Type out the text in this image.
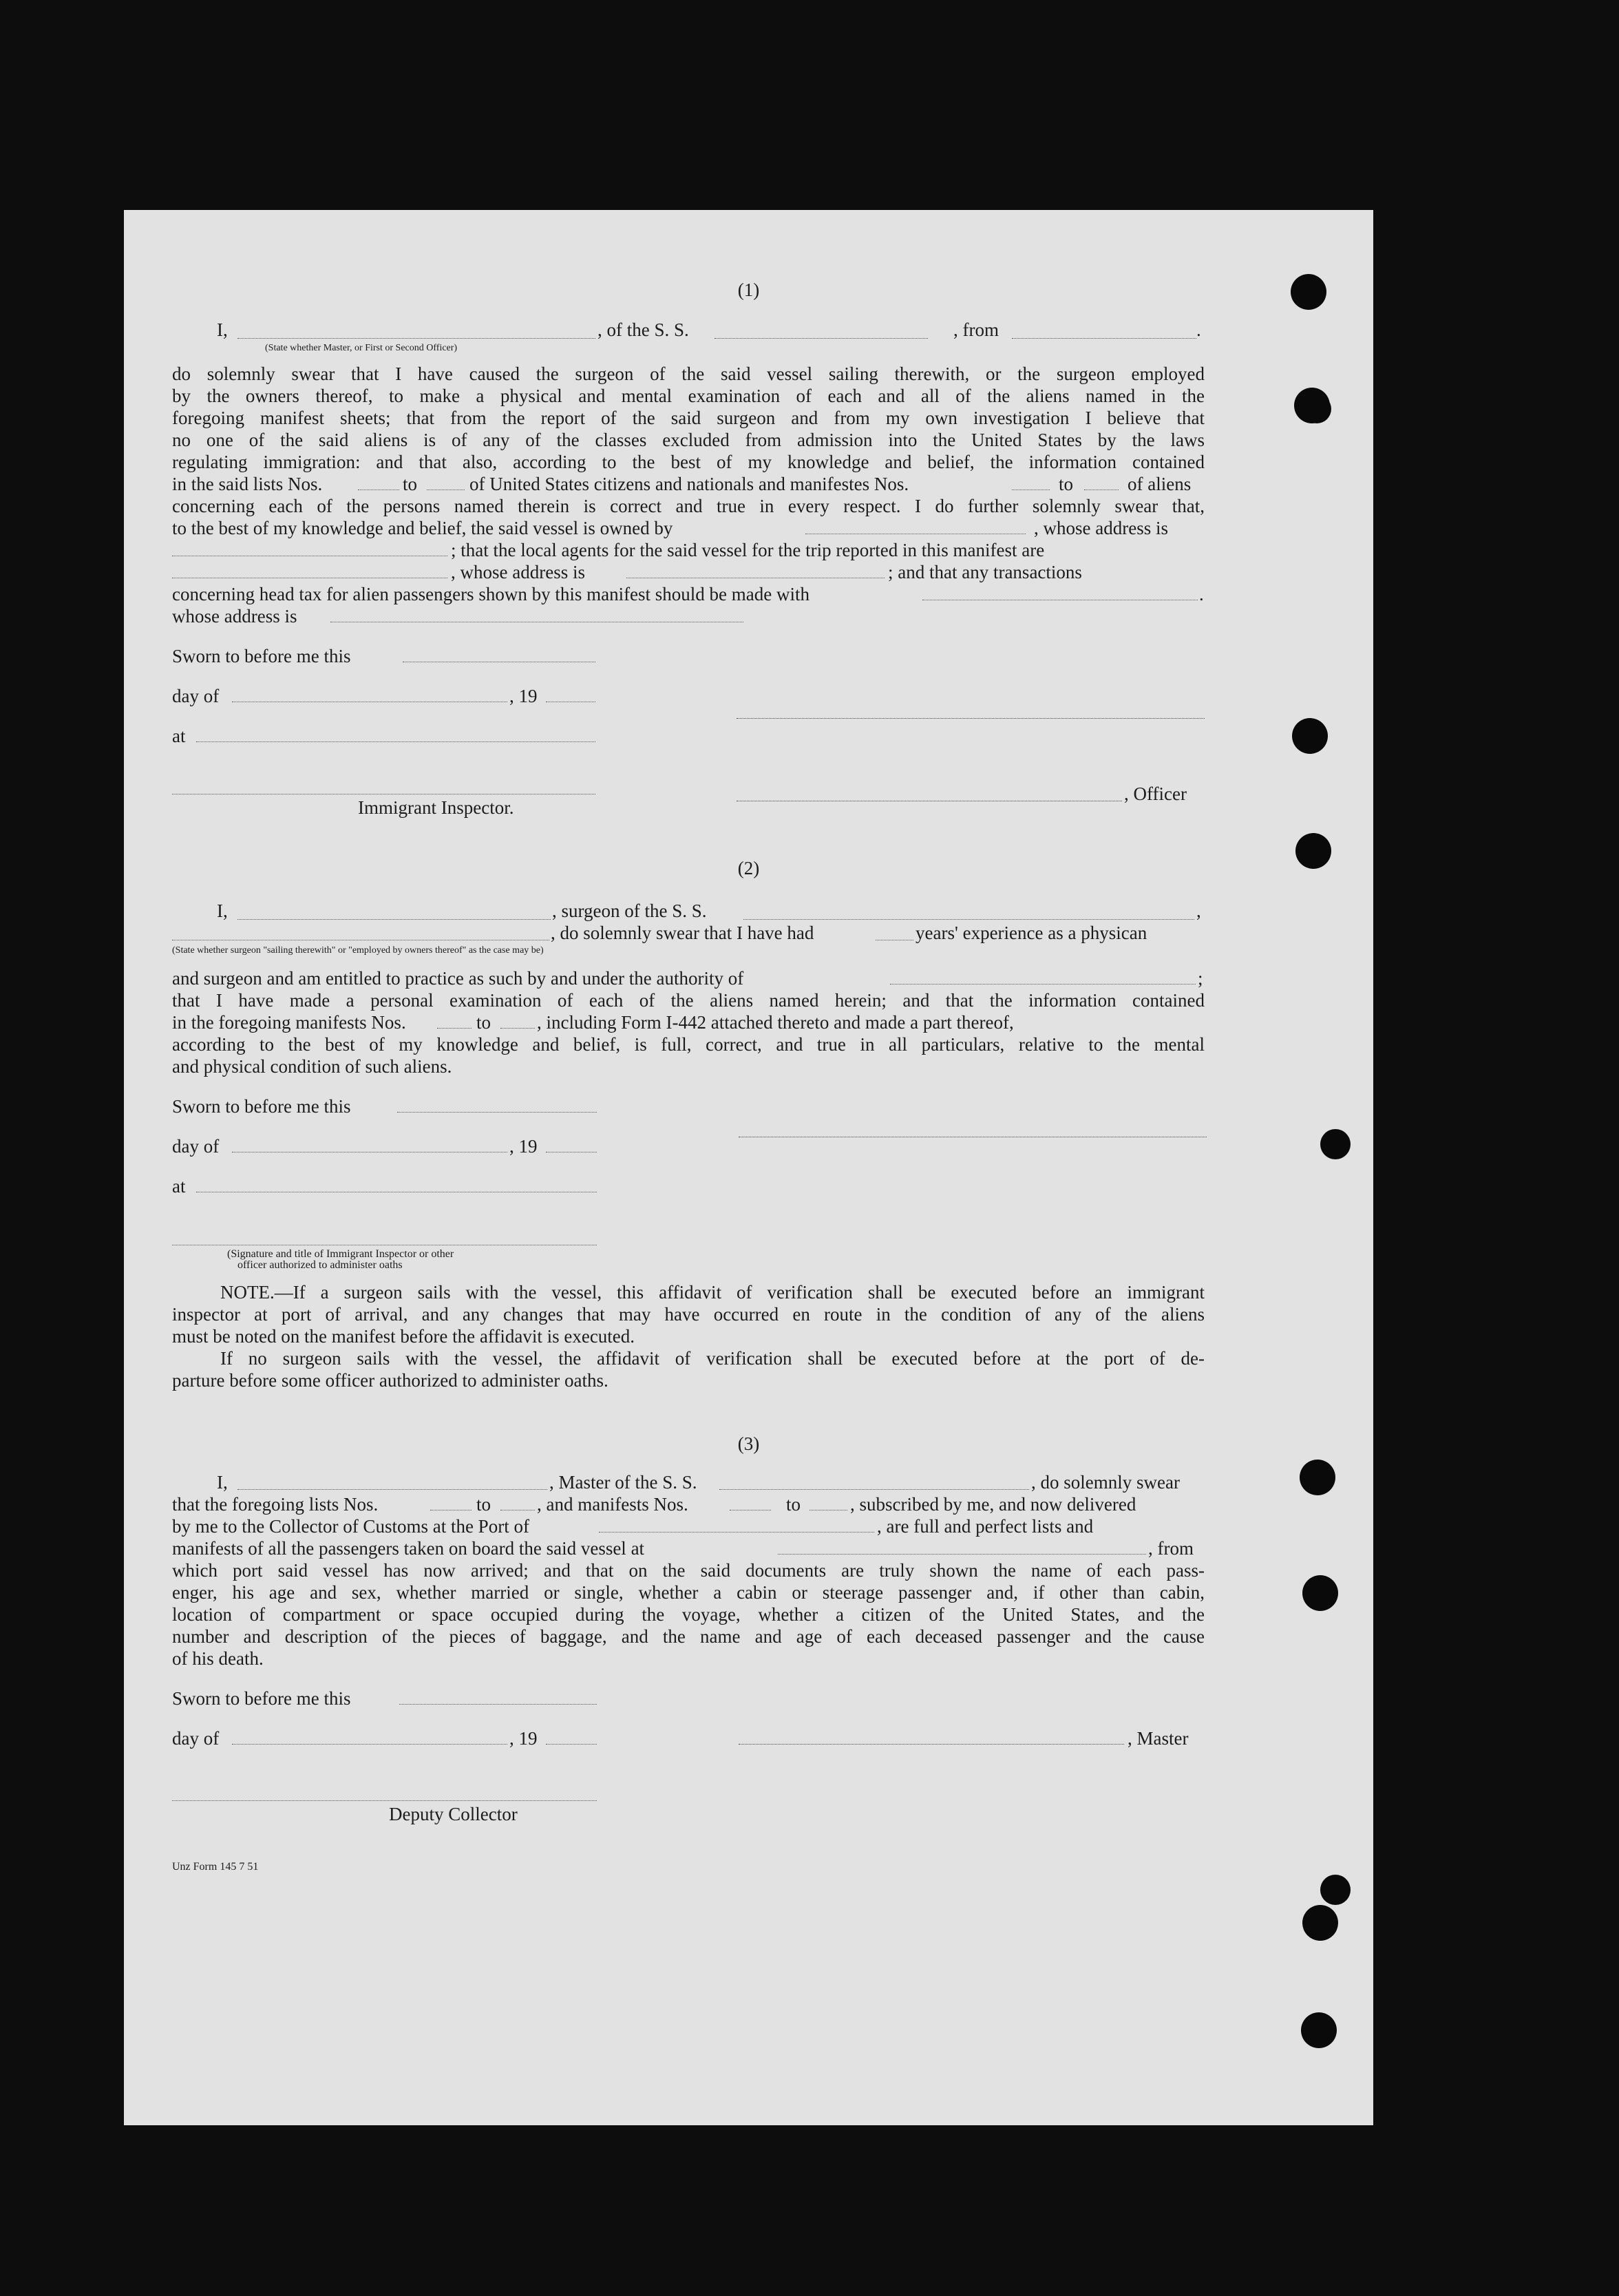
(1)
I,	, of the S. S.	, from	.
(State whether Master, or First or Second Officer)
do solemnly swear that I have caused the surgeon of the said vessel sailing therewith, or the surgeon employed
by the owners thereof, to make a physical and mental examination of each and all of the aliens named in the
foregoing manifest sheets; that from the report of the said surgeon and from my own investigation I believe that
no one of the said aliens is of any of the classes excluded from admission into the United States by the laws
regulating immigration: and that also, according to the best of my knowledge and belief, the information contained
in the said lists Nos.	to	of United States citizens and nationals and manifestes Nos.	to	of aliens
concerning each of the persons named therein is correct and true in every respect. I do further solemnly swear that,
to the best of my knowledge and belief, the said vessel is owned by	, whose address is
; that the local agents for the said vessel for the trip reported in this manifest are
, whose address is	; and that any transactions
concerning head tax for alien passengers shown by this manifest should be made with	.
whose address is
Sworn to before me this
day of	, 19
at
, Officer
Immigrant Inspector.
(2)
I,	, surgeon of the S. S.	,
, do solemnly swear that I have had	years' experience as a physican
(State whether surgeon "sailing therewith" or "employed by owners thereof" as the case may be)
and surgeon and am entitled to practice as such by and under the authority of	;
that I have made a personal examination of each of the aliens named herein; and that the information contained
in the foregoing manifests Nos.	to , including Form I-442 attached thereto and made a part thereof,
according to the best of my knowledge and belief, is full, correct, and true in all particulars, relative to the mental
and physical condition of such aliens.
Sworn to before me this
day of	, 19
at
(Signature and title of Immigrant Inspector or other
officer authorized to administer oaths
NOTE.—If a surgeon sails with the vessel, this affidavit of verification shall be executed before an immigrant
inspector at port of arrival, and any changes that may have occurred en route in the condition of any of the aliens
must be noted on the manifest before the affidavit is executed.
If no surgeon sails with the vessel, the affidavit of verification shall be executed before at the port of de-
parture before some officer authorized to administer oaths.
(3)
I,	, Master of the S. S.	, do solemnly swear
that the foregoing lists Nos.	to , and manifests Nos.	to	, subscribed by me, and now delivered
by me to the Collector of Customs at the Port of	, are full and perfect lists and
manifests of all the passengers taken on board the said vessel at	, from
which port said vessel has now arrived; and that on the said documents are truly shown the name of each pass-
enger, his age and sex, whether married or single, whether a cabin or steerage passenger and, if other than cabin,
location of compartment or space occupied during the voyage, whether a citizen of the United States, and the
number and description of the pieces of baggage, and the name and age of each deceased passenger and the cause
of his death.
Sworn to before me this
day of	, 19	, Master
Deputy Collector
Unz Form 145 7 51
